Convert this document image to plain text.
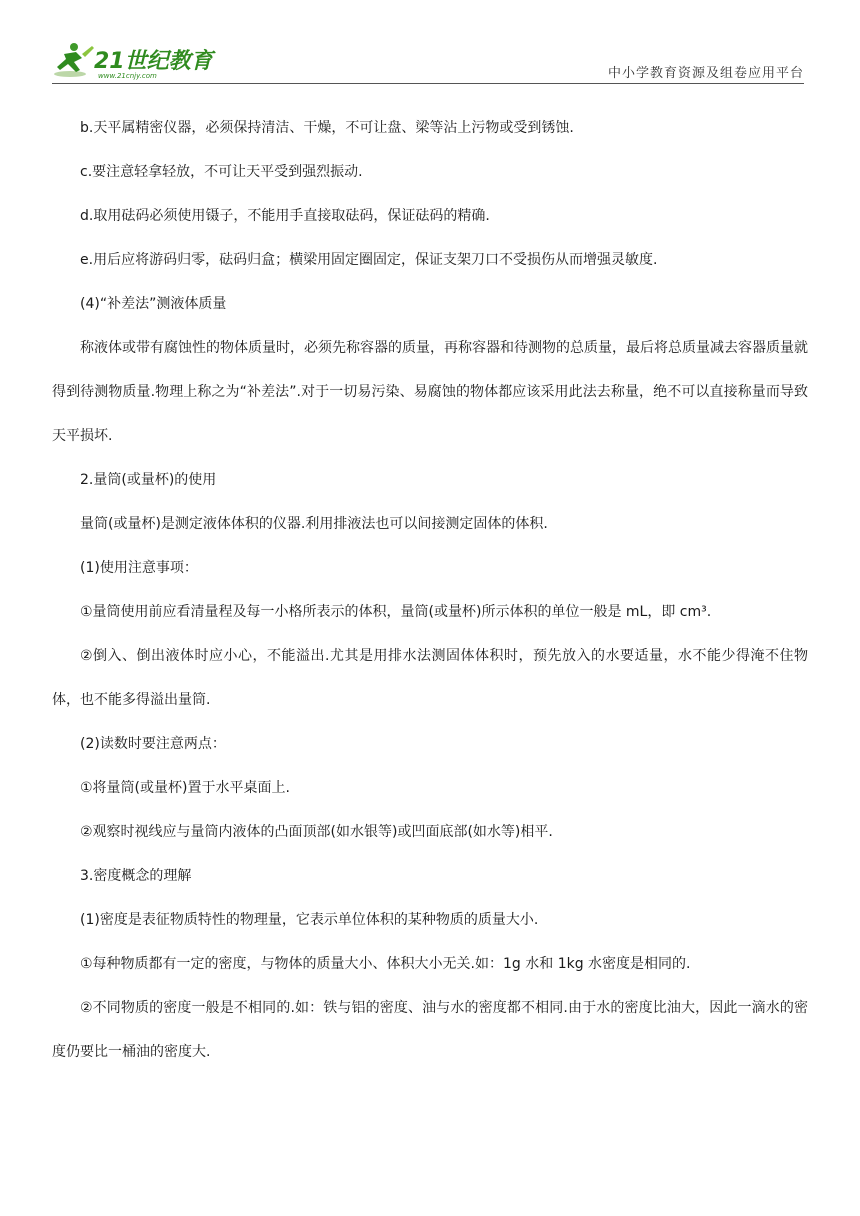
21世纪教育
www.21cnjy.com	中小学教育资源及组卷应用平台

b.天平属精密仪器，必须保持清洁、干燥，不可让盘、梁等沾上污物或受到锈蚀.

c.要注意轻拿轻放，不可让天平受到强烈振动.

d.取用砝码必须使用镊子，不能用手直接取砝码，保证砝码的精确.

e.用后应将游码归零，砝码归盒；横梁用固定圈固定，保证支架刀口不受损伤从而增强灵敏度.

(4)“补差法”测液体质量

称液体或带有腐蚀性的物体质量时，必须先称容器的质量，再称容器和待测物的总质量，最后将总质量减去容器质量就得到待测物质量.物理上称之为“补差法”.对于一切易污染、易腐蚀的物体都应该采用此法去称量，绝不可以直接称量而导致天平损坏.

2.量筒(或量杯)的使用

量筒(或量杯)是测定液体体积的仪器.利用排液法也可以间接测定固体的体积.

(1)使用注意事项：

①量筒使用前应看清量程及每一小格所表示的体积，量筒(或量杯)所示体积的单位一般是 mL，即 cm³.

②倒入、倒出液体时应小心，不能溢出.尤其是用排水法测固体体积时，预先放入的水要适量，水不能少得淹不住物体，也不能多得溢出量筒.

(2)读数时要注意两点：

①将量筒(或量杯)置于水平桌面上.

②观察时视线应与量筒内液体的凸面顶部(如水银等)或凹面底部(如水等)相平.

3.密度概念的理解

(1)密度是表征物质特性的物理量，它表示单位体积的某种物质的质量大小.

①每种物质都有一定的密度，与物体的质量大小、体积大小无关.如：1g 水和 1kg 水密度是相同的.

②不同物质的密度一般是不相同的.如：铁与铝的密度、油与水的密度都不相同.由于水的密度比油大，因此一滴水的密度仍要比一桶油的密度大.
